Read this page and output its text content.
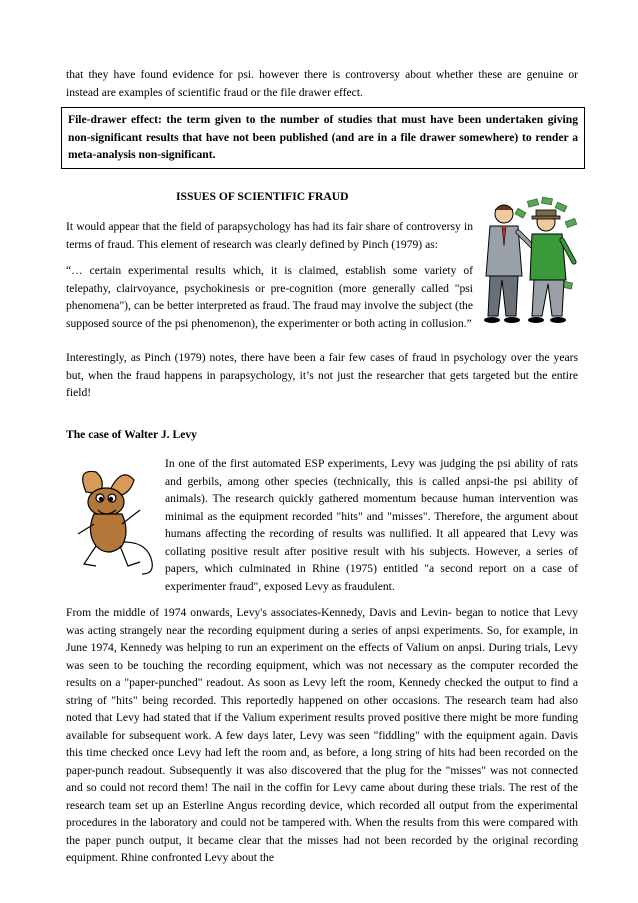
that they have found evidence for psi. however there is controversy about whether these are genuine or instead are examples of scientific fraud or the file drawer effect.

File-drawer effect: the term given to the number of studies that must have been undertaken giving non-significant results that have not been published (and are in a file drawer somewhere) to render a meta-analysis non-significant.

ISSUES OF SCIENTIFIC FRAUD

It would appear that the field of parapsychology has had its fair share of controversy in terms of fraud. This element of research was clearly defined by Pinch (1979) as:

“… certain experimental results which, it is claimed, establish some variety of telepathy, clairvoyance, psychokinesis or pre-cognition (more generally called "psi phenomena"), can be better interpreted as fraud. The fraud may involve the subject (the supposed source of the psi phenomenon), the experimenter or both acting in collusion.”

Interestingly, as Pinch (1979) notes, there have been a fair few cases of fraud in psychology over the years but, when the fraud happens in parapsychology, it’s not just the researcher that gets targeted but the entire field!

The case of Walter J. Levy

In one of the first automated ESP experiments, Levy was judging the psi ability of rats and gerbils, among other species (technically, this is called anpsi-the psi ability of animals). The research quickly gathered momentum because human intervention was minimal as the equipment recorded "hits" and "misses". Therefore, the argument about humans affecting the recording of results was nullified. It all appeared that Levy was collating positive result after positive result with his subjects. However, a series of papers, which culminated in Rhine (1975) entitled "a second report on a case of experimenter fraud", exposed Levy as fraudulent.

From the middle of 1974 onwards, Levy's associates-Kennedy, Davis and Levin- began to notice that Levy was acting strangely near the recording equipment during a series of anpsi experiments. So, for example, in June 1974, Kennedy was helping to run an experiment on the effects of Valium on anpsi. During trials, Levy was seen to be touching the recording equipment, which was not necessary as the computer recorded the results on a "paper-punched" readout. As soon as Levy left the room, Kennedy checked the output to find a string of "hits" being recorded. This reportedly happened on other occasions. The research team had also noted that Levy had stated that if the Valium experiment results proved positive there might be more funding available for subsequent work. A few days later, Levy was seen "fiddling" with the equipment again. Davis this time checked once Levy had left the room and, as before, a long string of hits had been recorded on the paper-punch readout. Subsequently it was also discovered that the plug for the "misses" was not connected and so could not record them! The nail in the coffin for Levy came about during these trials. The rest of the research team set up an Esterline Angus recording device, which recorded all output from the experimental procedures in the laboratory and could not be tampered with. When the results from this were compared with the paper punch output, it became clear that the misses had not been recorded by the original recording equipment. Rhine confronted Levy about the
